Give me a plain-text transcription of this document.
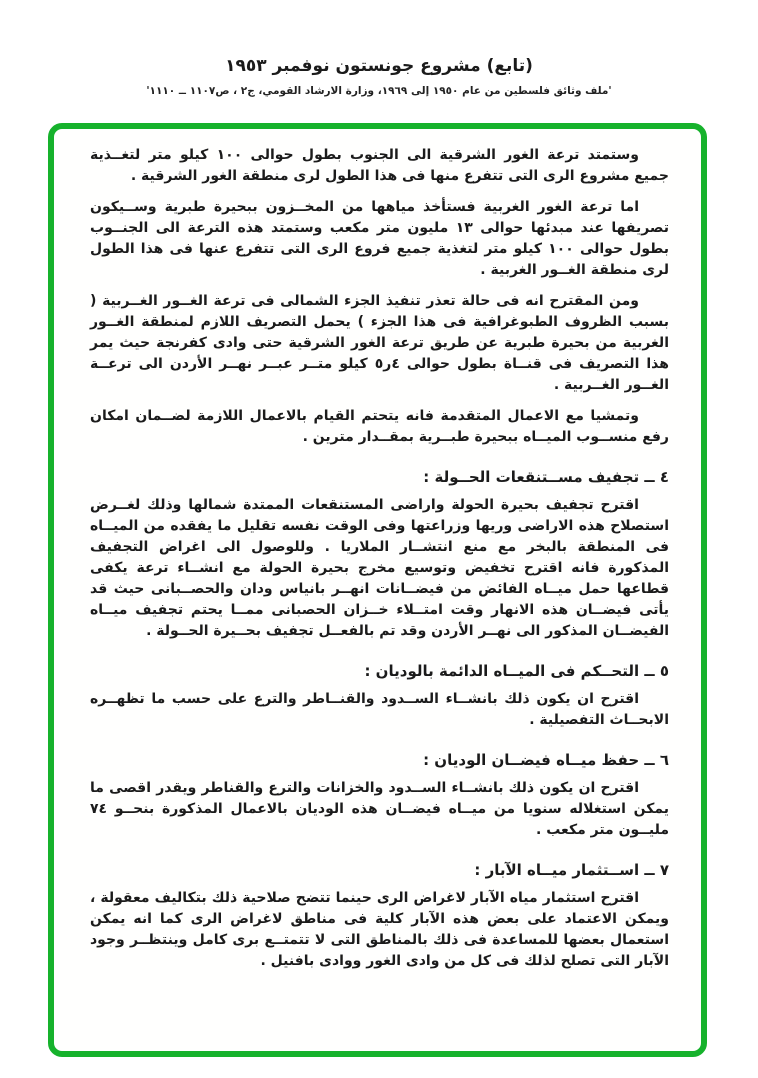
(تابع) مشروع جونستون نوفمبر ١٩٥٣
'ملف وثائق فلسطين من عام ١٩٥٠ إلى ١٩٦٩، وزارة الارشاد القومي، ج٢ ، ص١١٠٧ ــ ١١١٠'

وستمتد ترعة الغور الشرقية الى الجنوب بطول حوالى ١٠٠ كيلو متر لتغــذية جميع مشروع الرى التى تتفرع منها فى هذا الطول لرى منطقة الغور الشرقية .

اما ترعة الغور الغربية فستأخذ مياهها من المخــزون ببحيرة طبرية وســيكون تصريفها عند مبدئها حوالى ١٣ مليون متر مكعب وستمتد هذه الترعة الى الجنــوب بطول حوالى ١٠٠ كيلو متر لتغذية جميع فروع الرى التى تتفرع عنها فى هذا الطول لرى منطقة الغــور الغربية .

ومن المقترح انه فى حالة تعذر تنفيذ الجزء الشمالى فى ترعة الغــور الغــربية ( بسبب الظروف الطبوغرافية فى هذا الجزء ) يحمل التصريف اللازم لمنطقة الغــور الغربية من بحيرة طبرية عن طريق ترعة الغور الشرقية حتى وادى كفرنجة حيث يمر هذا التصريف فى قنــاة بطول حوالى ٤ر٥ كيلو متــر عبــر نهــر الأردن الى ترعــة الغــور الغــربية .

وتمشيا مع الاعمال المتقدمة فانه يتحتم القيام بالاعمال اللازمة لضــمان امكان رفع منســوب الميــاه ببحيرة طبــرية بمقــدار مترين .

٤ ــ تجفيف مســتنقعات الحــولة :

اقترح تجفيف بحيرة الحولة واراضى المستنقعات الممتدة شمالها وذلك لغــرض استصلاح هذه الاراضى وريها وزراعتها وفى الوقت نفسه تقليل ما يفقده من الميــاه فى المنطقة بالبخر مع منع انتشــار الملاريا . وللوصول الى اغراض التجفيف المذكورة فانه اقترح تخفيض وتوسيع مخرج بحيرة الحولة مع انشــاء ترعة يكفى قطاعها حمل ميــاه الفائض من فيضــانات انهــر بانياس ودان والحصــبانى حيث قد يأتى فيضــان هذه الانهار وقت امتــلاء خــزان الحصبانى ممــا يحتم تجفيف ميــاه الفيضــان المذكور الى نهــر الأردن وقد تم بالفعــل تجفيف بحــيرة الحــولة .

٥ ــ التحــكم فى الميــاه الدائمة بالوديان :

اقترح ان يكون ذلك بانشــاء الســدود والقنــاطر والترع على حسب ما تظهــره الابحــاث التفصيلية .

٦ ــ حفظ ميــاه فيضــان الوديان :

اقترح ان يكون ذلك بانشــاء الســدود والخزانات والترع والقناطر ويقدر اقصى ما يمكن استغلاله سنويا من ميــاه فيضــان هذه الوديان بالاعمال المذكورة بنحــو ٧٤ مليــون متر مكعب .

٧ ــ اســتثمار ميــاه الآبار :

اقترح استثمار مياه الآبار لاغراض الرى حينما تتضح صلاحية ذلك بتكاليف معقولة ، ويمكن الاعتماد على بعض هذه الآبار كلية فى مناطق لاغراض الرى كما انه يمكن استعمال بعضها للمساعدة فى ذلك بالمناطق التى لا تتمتــع برى كامل وينتظــر وجود الآبار التى تصلح لذلك فى كل من وادى الغور ووادى بافنيل .
